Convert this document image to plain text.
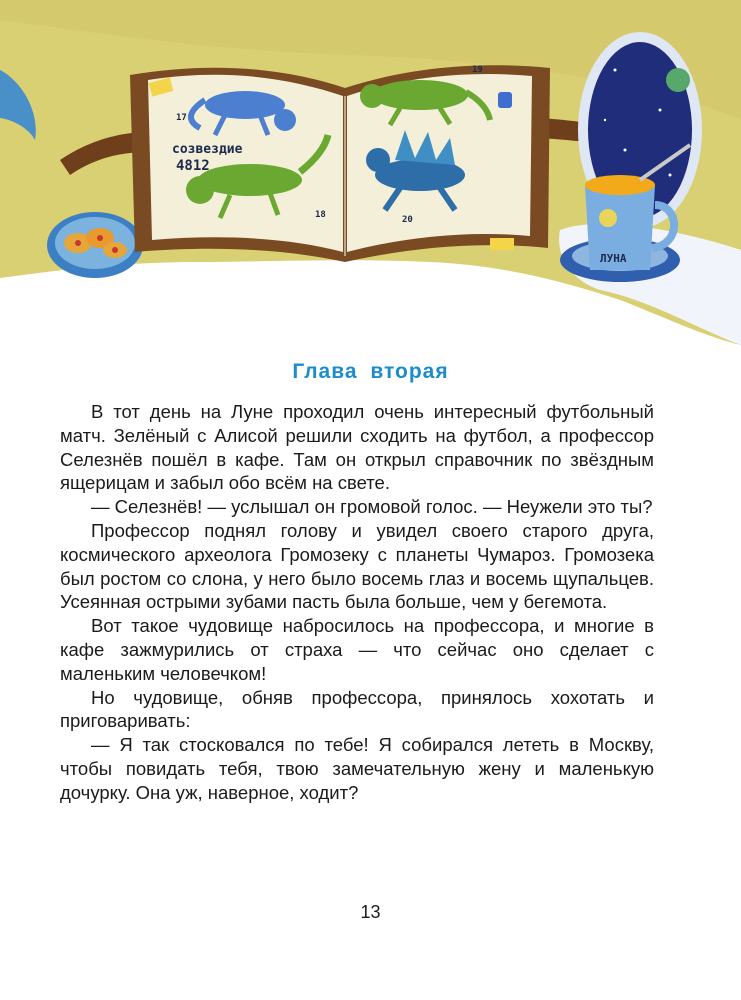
созвездие
4812
17
19
18	20
ЛУНА
Глава вторая

В тот день на Луне проходил очень интересный футбольный матч. Зелёный с Алисой решили сходить на футбол, а профессор Селезнёв пошёл в кафе. Там он открыл справочник по звёздным ящерицам и забыл обо всём на свете.

— Селезнёв! — услышал он громовой голос. — Неужели это ты?

Профессор поднял голову и увидел своего старого друга, космического археолога Громозеку с планеты Чумароз. Громозека был ростом со слона, у него было восемь глаз и восемь щупальцев. Усеянная острыми зубами пасть была больше, чем у бегемота.

Вот такое чудовище набросилось на профессора, и многие в кафе зажмурились от страха — что сейчас оно сделает с маленьким человечком!

Но чудовище, обняв профессора, принялось хохотать и приговаривать:

— Я так стосковался по тебе! Я собирался лететь в Москву, чтобы повидать тебя, твою замечательную жену и маленькую дочурку. Она уж, наверное, ходит?

13
